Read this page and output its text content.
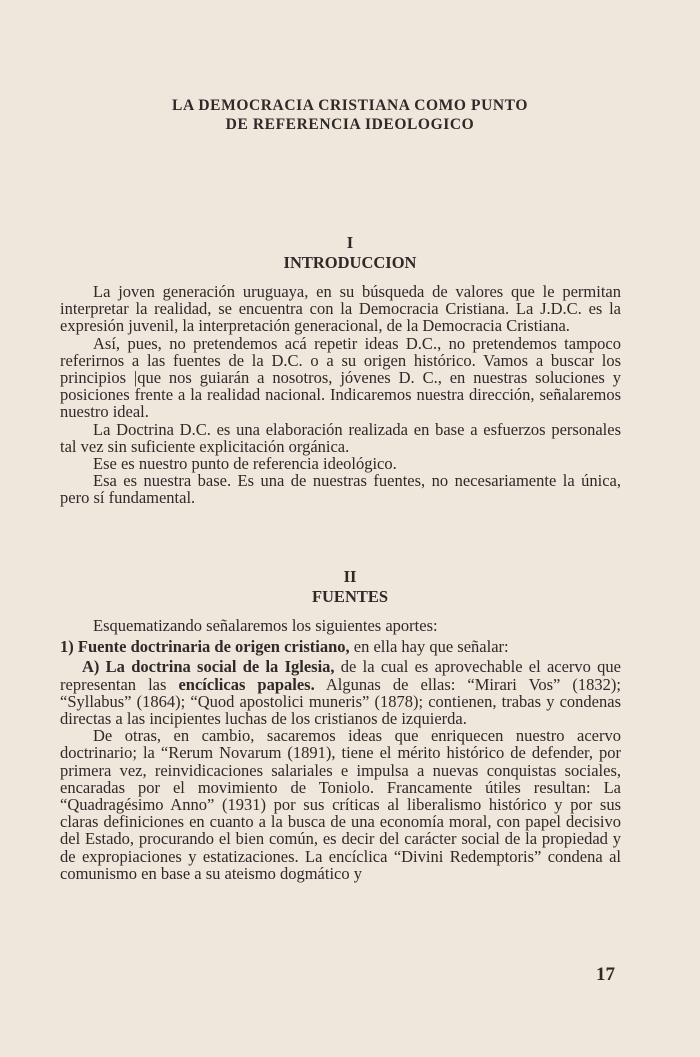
LA DEMOCRACIA CRISTIANA COMO PUNTO
DE REFERENCIA IDEOLOGICO
I
INTRODUCCION

La joven generación uruguaya, en su búsqueda de valores que le permitan interpretar la realidad, se encuentra con la Democracia Cristiana. La J.D.C. es la expresión juvenil, la interpretación generacional, de la Democracia Cristiana.

Así, pues, no pretendemos acá repetir ideas D.C., no pretendemos tampoco referirnos a las fuentes de la D.C. o a su origen histórico. Vamos a buscar los principios |que nos guiarán a nosotros, jóvenes D. C., en nuestras soluciones y posiciones frente a la realidad nacional. Indicaremos nuestra dirección, señalaremos nuestro ideal.

La Doctrina D.C. es una elaboración realizada en base a esfuerzos personales tal vez sin suficiente explicitación orgánica.

Ese es nuestro punto de referencia ideológico.

Esa es nuestra base. Es una de nuestras fuentes, no necesariamente la única, pero sí fundamental.

II
FUENTES

Esquematizando señalaremos los siguientes aportes:

1) Fuente doctrinaria de origen cristiano, en ella hay que señalar:

A) La doctrina social de la Iglesia, de la cual es aprovechable el acervo que representan las encíclicas papales. Algunas de ellas: “Mirari Vos” (1832); “Syllabus” (1864); “Quod apostolici muneris” (1878); contienen, trabas y condenas directas a las incipientes luchas de los cristianos de izquierda.

De otras, en cambio, sacaremos ideas que enriquecen nuestro acervo doctrinario; la “Rerum Novarum (1891), tiene el mérito histórico de defender, por primera vez, reinvidicaciones salariales e impulsa a nuevas conquistas sociales, encaradas por el movimiento de Toniolo. Francamente útiles resultan: La “Quadragésimo Anno” (1931) por sus críticas al liberalismo histórico y por sus claras definiciones en cuanto a la busca de una economía moral, con papel decisivo del Estado, procurando el bien común, es decir del carácter social de la propiedad y de expropiaciones y estatizaciones. La encíclica “Divini Redemptoris” condena al comunismo en base a su ateismo dogmático y

17
